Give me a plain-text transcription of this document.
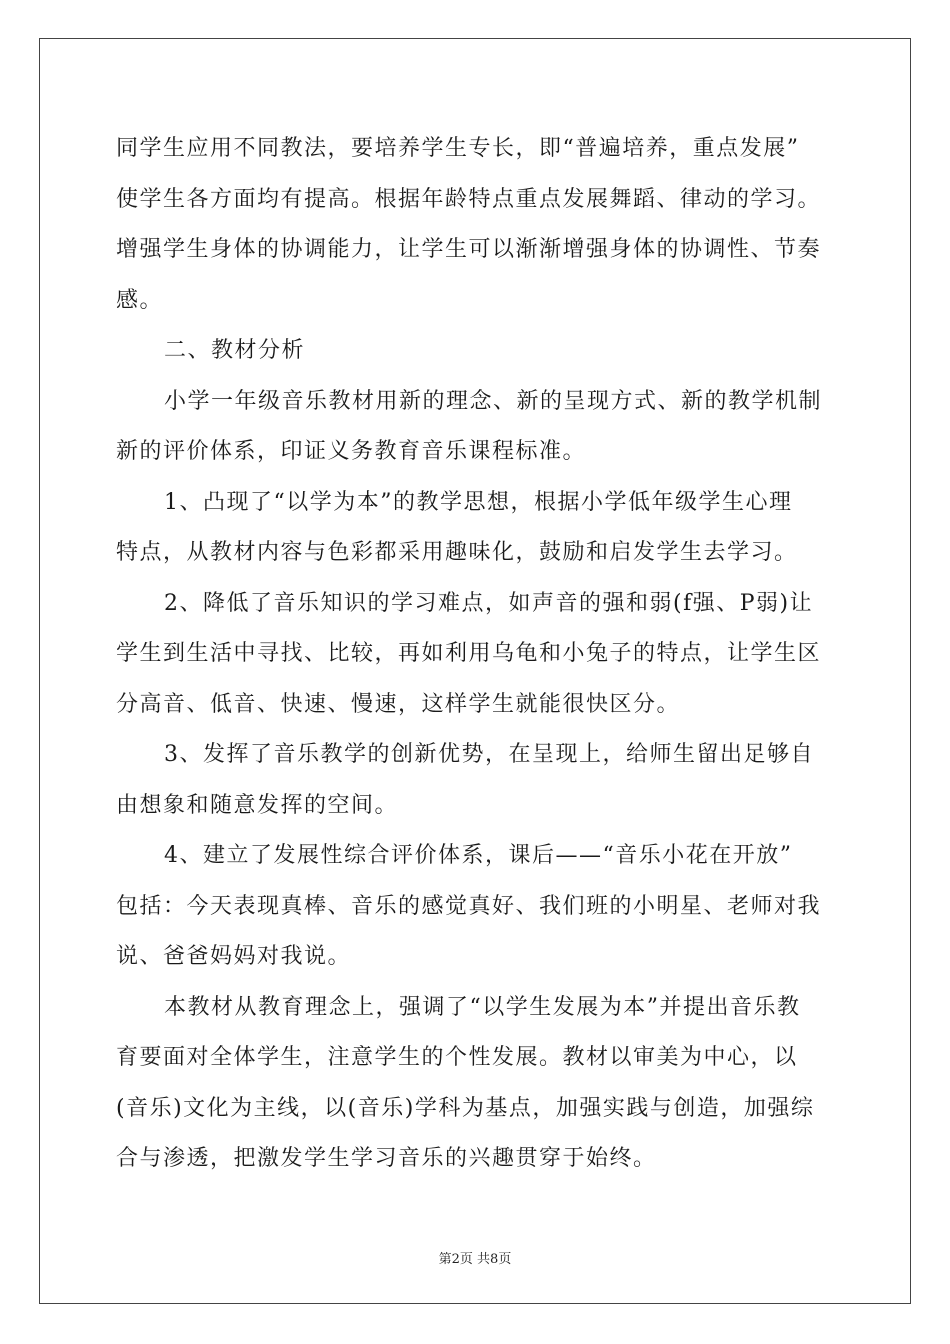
同学生应用不同教法，要培养学生专长，即“普遍培养，重点发展”
使学生各方面均有提高。根据年龄特点重点发展舞蹈、律动的学习。
增强学生身体的协调能力，让学生可以渐渐增强身体的协调性、节奏
感。
二、教材分析
小学一年级音乐教材用新的理念、新的呈现方式、新的教学机制
新的评价体系，印证义务教育音乐课程标准。
1、凸现了“以学为本”的教学思想，根据小学低年级学生心理
特点，从教材内容与色彩都采用趣味化，鼓励和启发学生去学习。
2、降低了音乐知识的学习难点，如声音的强和弱(f强、P弱)让
学生到生活中寻找、比较，再如利用乌龟和小兔子的特点，让学生区
分高音、低音、快速、慢速，这样学生就能很快区分。
3、发挥了音乐教学的创新优势，在呈现上，给师生留出足够自
由想象和随意发挥的空间。
4、建立了发展性综合评价体系，课后——“音乐小花在开放”
包括：今天表现真棒、音乐的感觉真好、我们班的小明星、老师对我
说、爸爸妈妈对我说。
本教材从教育理念上，强调了“以学生发展为本”并提出音乐教
育要面对全体学生，注意学生的个性发展。教材以审美为中心，以
(音乐)文化为主线，以(音乐)学科为基点，加强实践与创造，加强综
合与渗透，把激发学生学习音乐的兴趣贯穿于始终。
第2页 共8页
